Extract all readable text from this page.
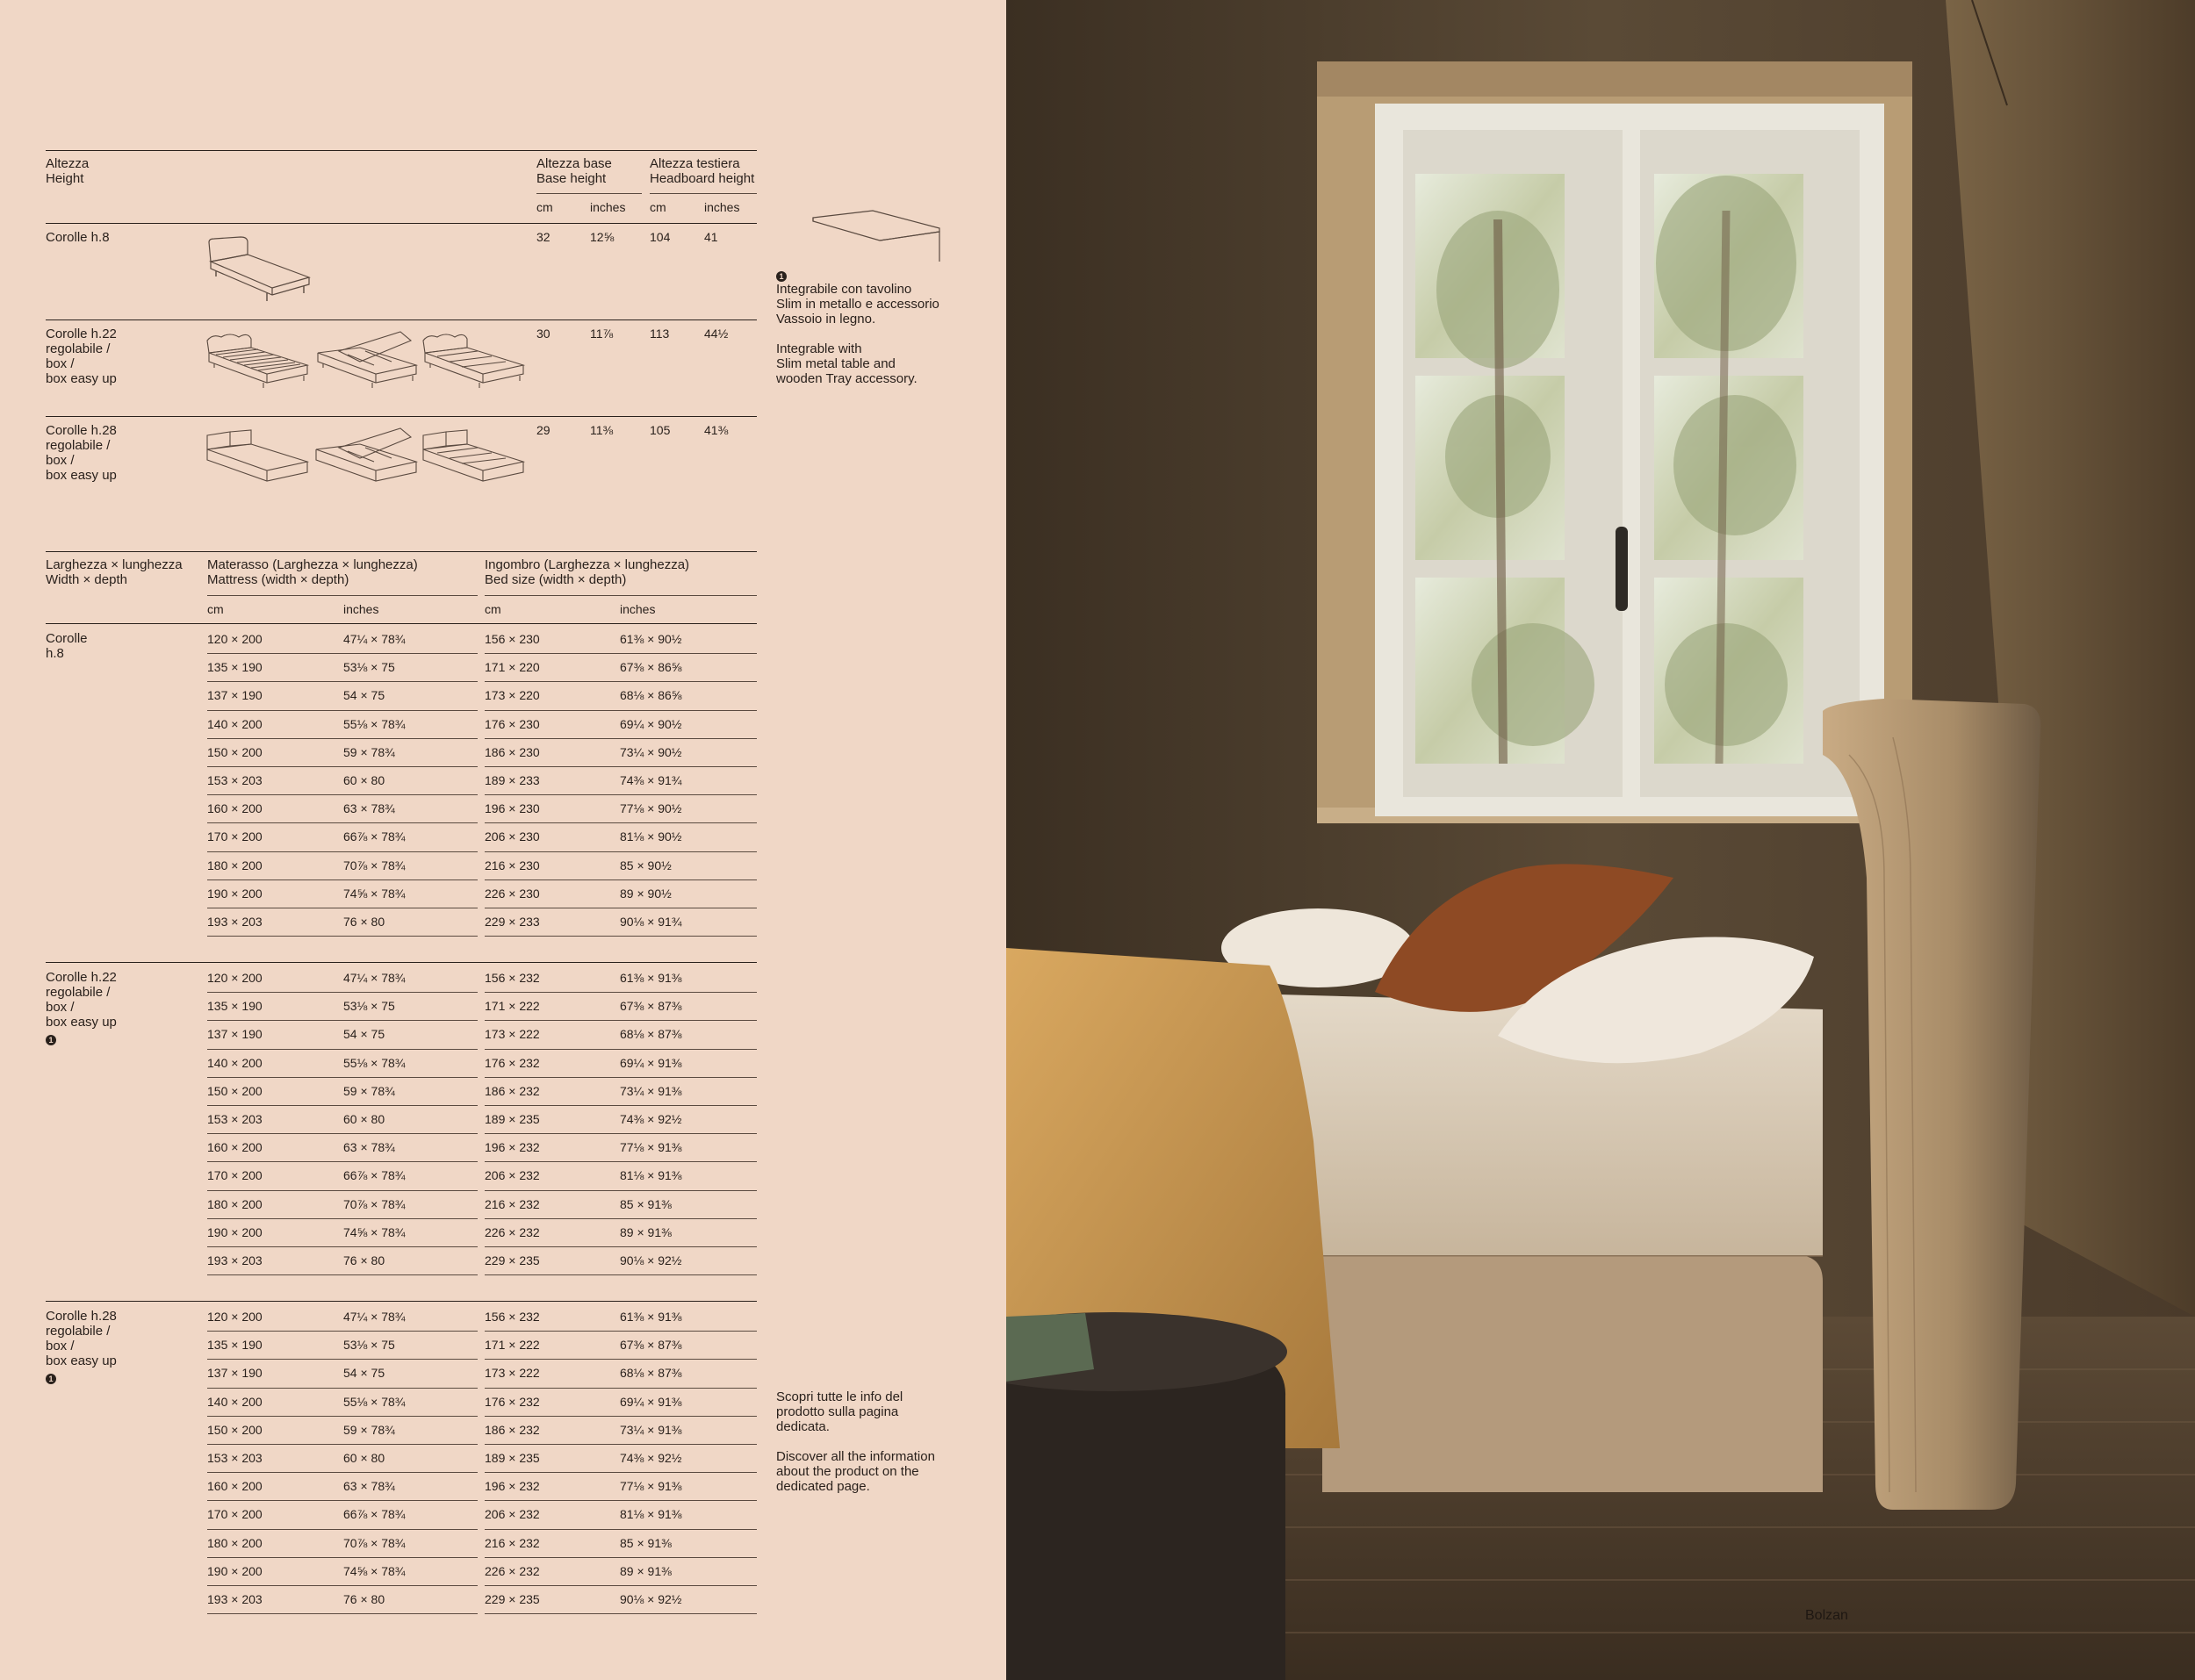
Altezza
Height
Altezza base
Base height
Altezza testiera
Headboard height
cm	inches cm	inches
Corolle h.8	32	12⅝	104	41
Corolle h.22
regolabile /
box /
box easy up
30	11⅞	113	44½
Corolle h.28
regolabile /
box /
box easy up
29	11⅜	105	41⅜
1
Integrabile con tavolino
Slim in metallo e accessorio
Vassoio in legno.
Integrable with
Slim metal table and
wooden Tray accessory.
Larghezza × lunghezza
Width × depth
Materasso (Larghezza × lunghezza)
Mattress (width × depth)
Ingombro (Larghezza × lunghezza)
Bed size (width × depth)
cm	inches	cm	inches
Corolle
h.8
120 × 200	47¼ × 78¾	156 × 230	61⅜ × 90½
135 × 190	53⅛ × 75	171 × 220	67⅜ × 86⅝
137 × 190	54 × 75	173 × 220	68⅛ × 86⅝
140 × 200	55⅛ × 78¾	176 × 230	69¼ × 90½
150 × 200	59 × 78¾	186 × 230	73¼ × 90½
153 × 203	60 × 80	189 × 233	74⅜ × 91¾
160 × 200	63 × 78¾	196 × 230	77⅛ × 90½
170 × 200	66⅞ × 78¾	206 × 230	81⅛ × 90½
180 × 200	70⅞ × 78¾	216 × 230	85 × 90½
190 × 200	74⅝ × 78¾	226 × 230	89 × 90½
193 × 203	76 × 80	229 × 233	90⅛ × 91¾
Corolle h.22
regolabile /
box /
box easy up
1
120 × 200	47¼ × 78¾	156 × 232	61⅜ × 91⅜
135 × 190	53⅛ × 75	171 × 222	67⅜ × 87⅜
137 × 190	54 × 75	173 × 222	68⅛ × 87⅜
140 × 200	55⅛ × 78¾	176 × 232	69¼ × 91⅜
150 × 200	59 × 78¾	186 × 232	73¼ × 91⅜
153 × 203	60 × 80	189 × 235	74⅜ × 92½
160 × 200	63 × 78¾	196 × 232	77⅛ × 91⅜
170 × 200	66⅞ × 78¾	206 × 232	81⅛ × 91⅜
180 × 200	70⅞ × 78¾	216 × 232	85 × 91⅜
190 × 200	74⅝ × 78¾	226 × 232	89 × 91⅜
193 × 203	76 × 80	229 × 235	90⅛ × 92½
Corolle h.28
regolabile /
box /
box easy up
1
120 × 200	47¼ × 78¾	156 × 232	61⅜ × 91⅜
135 × 190	53⅛ × 75	171 × 222	67⅜ × 87⅜
137 × 190	54 × 75	173 × 222	68⅛ × 87⅜
140 × 200	55⅛ × 78¾	176 × 232	69¼ × 91⅜
150 × 200	59 × 78¾	186 × 232	73¼ × 91⅜
153 × 203	60 × 80	189 × 235	74⅜ × 92½
160 × 200	63 × 78¾	196 × 232	77⅛ × 91⅜
170 × 200	66⅞ × 78¾	206 × 232	81⅛ × 91⅜
180 × 200	70⅞ × 78¾	216 × 232	85 × 91⅜
190 × 200	74⅝ × 78¾	226 × 232	89 × 91⅜
193 × 203	76 × 80	229 × 235	90⅛ × 92½
Scopri tutte le info del
prodotto sulla pagina
dedicata.
Discover all the information
about the product on the
dedicated page.
Bolzan
